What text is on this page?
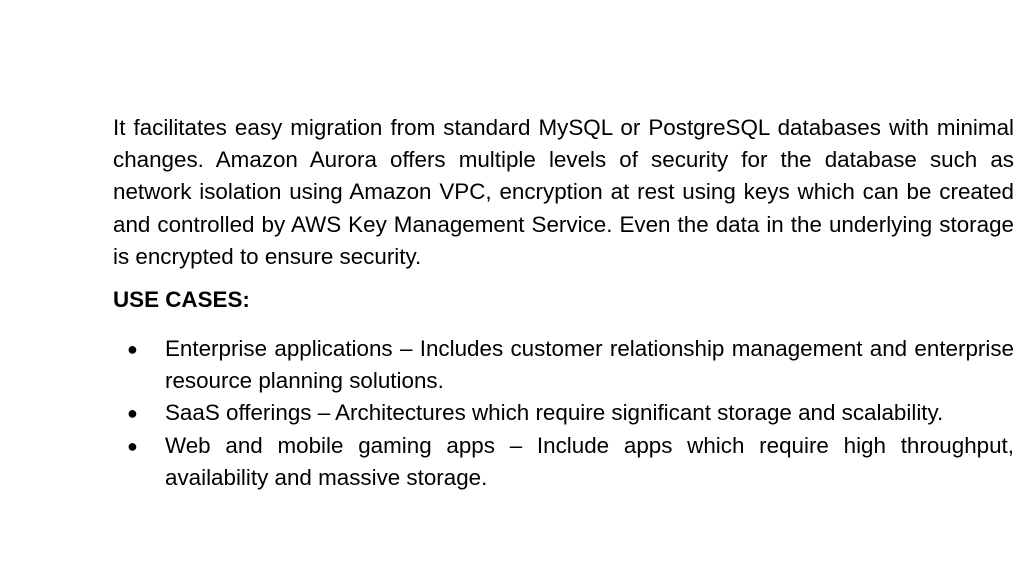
It facilitates easy migration from standard MySQL or PostgreSQL databases with minimal changes. Amazon Aurora offers multiple levels of security for the database such as network isolation using Amazon VPC, encryption at rest using keys which can be created and controlled by AWS Key Management Service. Even the data in the underlying storage is encrypted to ensure security.

USE CASES:
● Enterprise applications – Includes customer relationship management and enterprise resource planning solutions.
● SaaS offerings – Architectures which require significant storage and scalability.
● Web and mobile gaming apps – Include apps which require high throughput, availability and massive storage.
